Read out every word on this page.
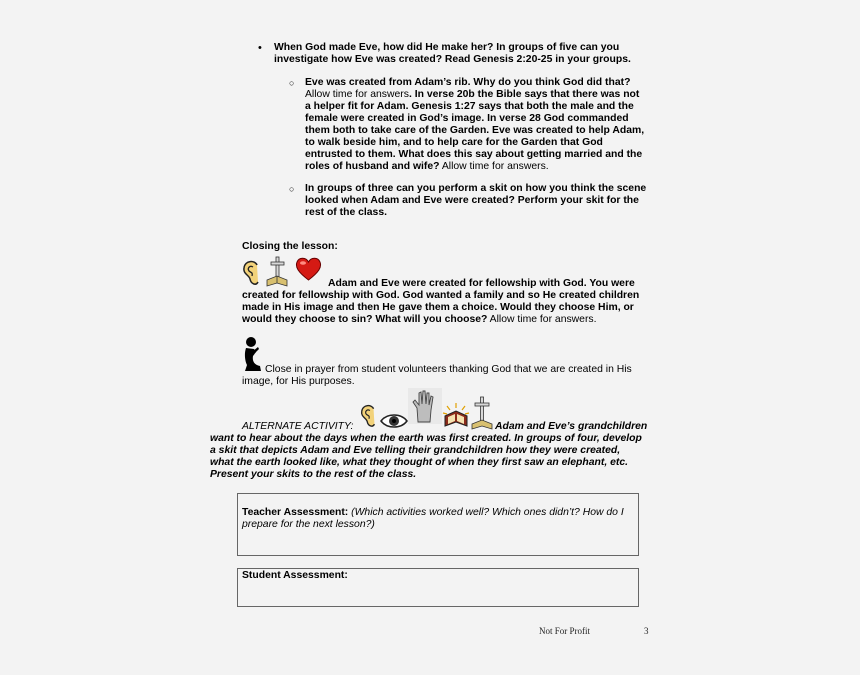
• When God made Eve, how did He make her? In groups of five can you
investigate how Eve was created? Read Genesis 2:20-25 in your groups.
○ Eve was created from Adam’s rib. Why do you think God did that?
Allow time for answers. In verse 20b the Bible says that there was not
a helper fit for Adam. Genesis 1:27 says that both the male and the
female were created in God’s image. In verse 28 God commanded
them both to take care of the Garden. Eve was created to help Adam,
to walk beside him, and to help care for the Garden that God
entrusted to them. What does this say about getting married and the
roles of husband and wife? Allow time for answers.
○ In groups of three can you perform a skit on how you think the scene
looked when Adam and Eve were created? Perform your skit for the
rest of the class.
Closing the lesson:
Adam and Eve were created for fellowship with God. You were
created for fellowship with God. God wanted a family and so He created children
made in His image and then He gave them a choice. Would they choose Him, or
would they choose to sin? What will you choose? Allow time for answers.
Close in prayer from student volunteers thanking God that we are created in His
image, for His purposes.
ALTERNATE ACTIVITY:	Adam and Eve’s grandchildren
want to hear about the days when the earth was first created. In groups of four, develop
a skit that depicts Adam and Eve telling their grandchildren how they were created,
what the earth looked like, what they thought of when they first saw an elephant, etc.
Present your skits to the rest of the class.
Teacher Assessment: (Which activities worked well? Which ones didn’t? How do I
prepare for the next lesson?)
Student Assessment:
Not For Profit	3
